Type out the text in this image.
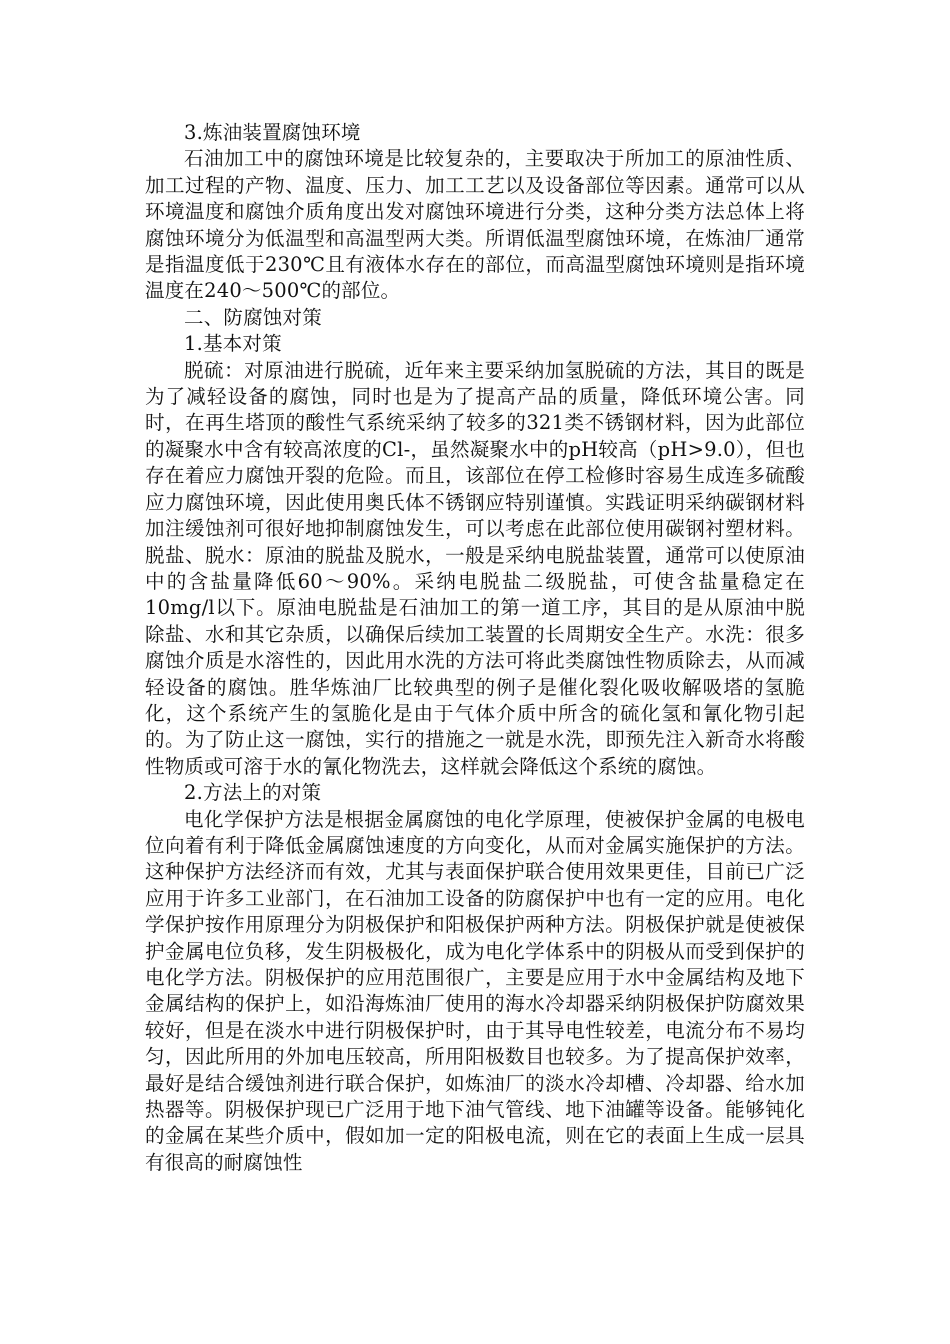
3.炼油装置腐蚀环境

石油加工中的腐蚀环境是比较复杂的，主要取决于所加工的原油性质、加工过程的产物、温度、压力、加工工艺以及设备部位等因素。通常可以从环境温度和腐蚀介质角度出发对腐蚀环境进行分类，这种分类方法总体上将腐蚀环境分为低温型和高温型两大类。所谓低温型腐蚀环境，在炼油厂通常是指温度低于230℃且有液体水存在的部位，而高温型腐蚀环境则是指环境温度在240～500℃的部位。

二、防腐蚀对策

1.基本对策

脱硫：对原油进行脱硫，近年来主要采纳加氢脱硫的方法，其目的既是为了减轻设备的腐蚀，同时也是为了提高产品的质量，降低环境公害。同时，在再生塔顶的酸性气系统采纳了较多的321类不锈钢材料，因为此部位的凝聚水中含有较高浓度的Cl-，虽然凝聚水中的pH较高（pH>9.0），但也存在着应力腐蚀开裂的危险。而且，该部位在停工检修时容易生成连多硫酸应力腐蚀环境，因此使用奥氏体不锈钢应特别谨慎。实践证明采纳碳钢材料加注缓蚀剂可很好地抑制腐蚀发生，可以考虑在此部位使用碳钢衬塑材料。脱盐、脱水：原油的脱盐及脱水，一般是采纳电脱盐装置，通常可以使原油中的含盐量降低60～90%。采纳电脱盐二级脱盐，可使含盐量稳定在10mg/l以下。原油电脱盐是石油加工的第一道工序，其目的是从原油中脱除盐、水和其它杂质，以确保后续加工装置的长周期安全生产。水洗：很多腐蚀介质是水溶性的，因此用水洗的方法可将此类腐蚀性物质除去，从而减轻设备的腐蚀。胜华炼油厂比较典型的例子是催化裂化吸收解吸塔的氢脆化，这个系统产生的氢脆化是由于气体介质中所含的硫化氢和氰化物引起的。为了防止这一腐蚀，实行的措施之一就是水洗，即预先注入新奇水将酸性物质或可溶于水的氰化物洗去，这样就会降低这个系统的腐蚀。

2.方法上的对策

电化学保护方法是根据金属腐蚀的电化学原理，使被保护金属的电极电位向着有利于降低金属腐蚀速度的方向变化，从而对金属实施保护的方法。这种保护方法经济而有效，尤其与表面保护联合使用效果更佳，目前已广泛应用于许多工业部门，在石油加工设备的防腐保护中也有一定的应用。电化学保护按作用原理分为阴极保护和阳极保护两种方法。阴极保护就是使被保护金属电位负移，发生阴极极化，成为电化学体系中的阴极从而受到保护的电化学方法。阴极保护的应用范围很广，主要是应用于水中金属结构及地下金属结构的保护上，如沿海炼油厂使用的海水冷却器采纳阴极保护防腐效果较好，但是在淡水中进行阴极保护时，由于其导电性较差，电流分布不易均匀，因此所用的外加电压较高，所用阳极数目也较多。为了提高保护效率，最好是结合缓蚀剂进行联合保护，如炼油厂的淡水冷却槽、冷却器、给水加热器等。阴极保护现已广泛用于地下油气管线、地下油罐等设备。能够钝化的金属在某些介质中，假如加一定的阳极电流，则在它的表面上生成一层具有很高的耐腐蚀性
